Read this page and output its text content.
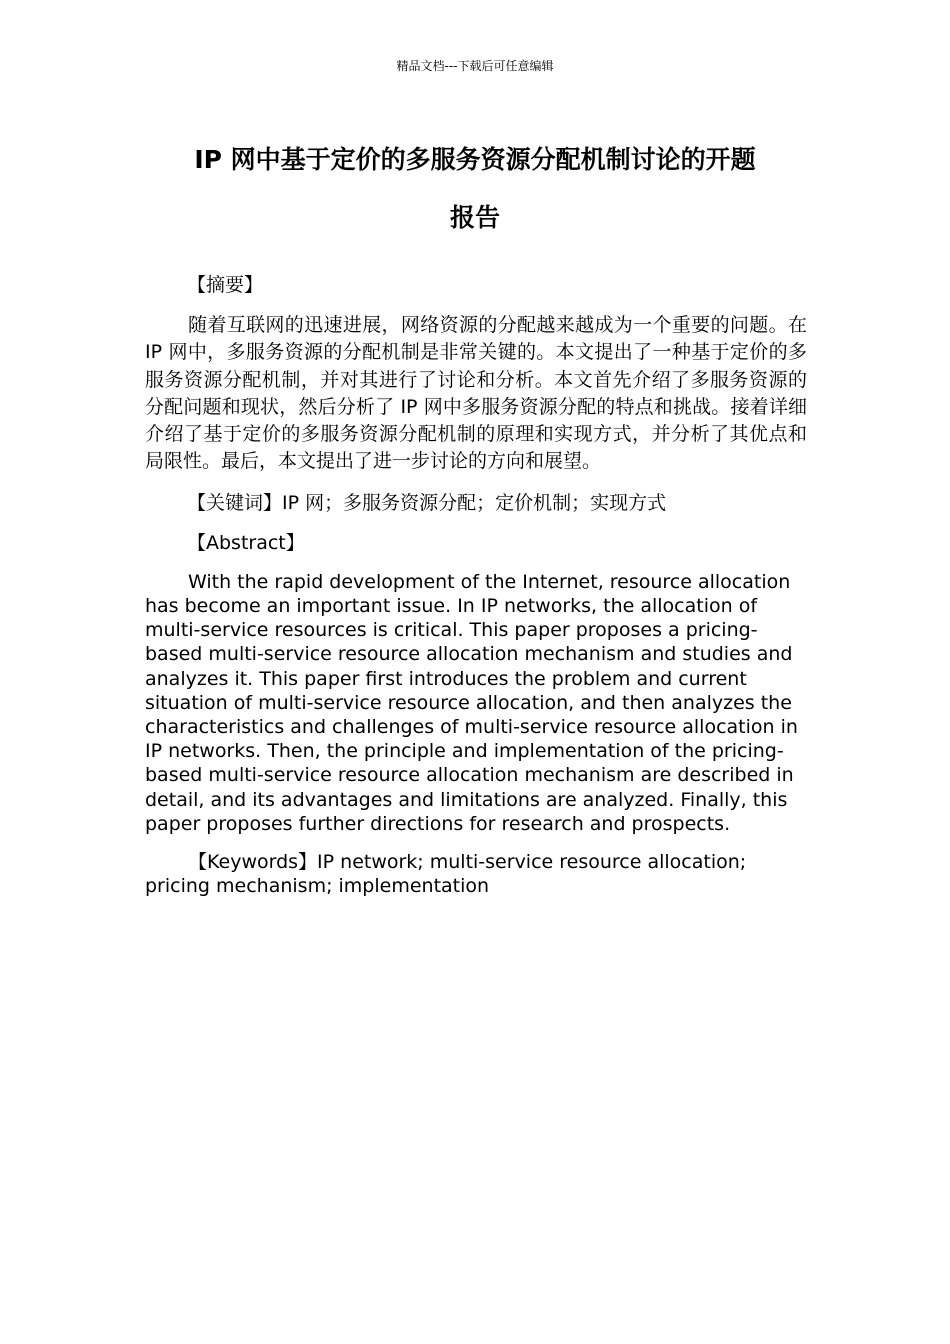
精品文档---下载后可任意编辑
IP 网中基于定价的多服务资源分配机制讨论的开题
报告

【摘要】

随着互联网的迅速进展，网络资源的分配越来越成为一个重要的问题。在 IP 网中，多服务资源的分配机制是非常关键的。本文提出了一种基于定价的多服务资源分配机制，并对其进行了讨论和分析。本文首先介绍了多服务资源的分配问题和现状，然后分析了 IP 网中多服务资源分配的特点和挑战。接着详细介绍了基于定价的多服务资源分配机制的原理和实现方式，并分析了其优点和局限性。最后，本文提出了进一步讨论的方向和展望。

【关键词】IP 网；多服务资源分配；定价机制；实现方式

【Abstract】

With the rapid development of the Internet, resource allocation has become an important issue. In IP networks, the allocation of multi-service resources is critical. This paper proposes a pricing-based multi-service resource allocation mechanism and studies and analyzes it. This paper first introduces the problem and current situation of multi-service resource allocation, and then analyzes the characteristics and challenges of multi-service resource allocation in IP networks. Then, the principle and implementation of the pricing-based multi-service resource allocation mechanism are described in detail, and its advantages and limitations are analyzed. Finally, this paper proposes further directions for research and prospects.

【Keywords】IP network; multi-service resource allocation; pricing mechanism; implementation
